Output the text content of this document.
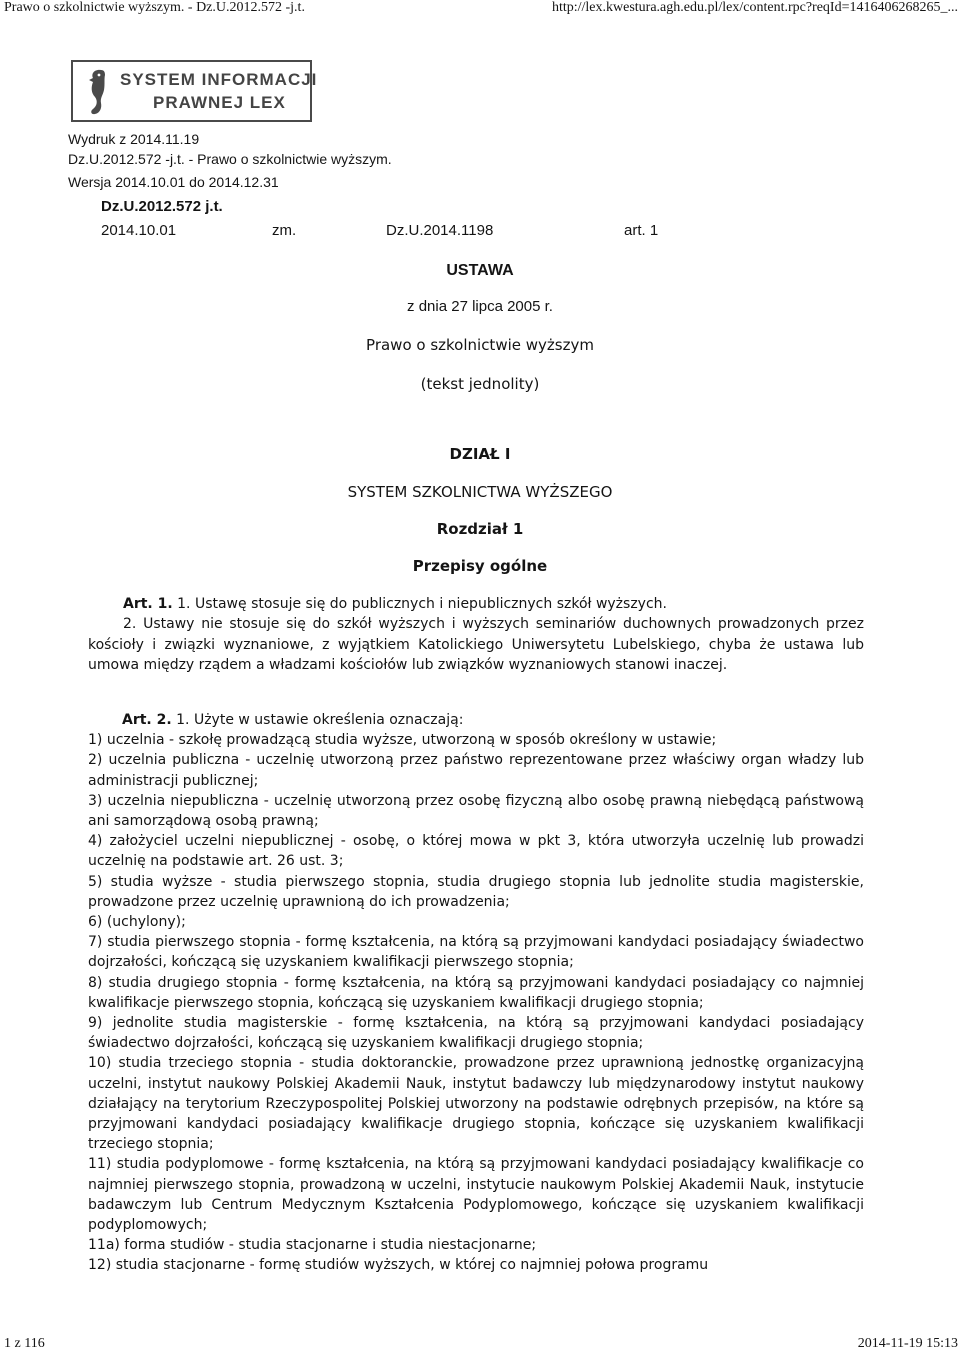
Prawo o szkolnictwie wyższym. - Dz.U.2012.572 -j.t.	http://lex.kwestura.agh.edu.pl/lex/content.rpc?reqId=1416406268265_...
SYSTEM INFORMACJI
PRAWNEJ LEX
Wydruk z 2014.11.19
Dz.U.2012.572 -j.t. - Prawo o szkolnictwie wyższym.
Wersja 2014.10.01 do 2014.12.31
Dz.U.2012.572 j.t.
2014.10.01	zm.	Dz.U.2014.1198	art. 1
USTAWA
z dnia 27 lipca 2005 r.
Prawo o szkolnictwie wyższym
(tekst jednolity)
DZIAŁ I
SYSTEM SZKOLNICTWA WYŻSZEGO
Rozdział 1
Przepisy ogólne

Art. 1. 1. Ustawę stosuje się do publicznych i niepublicznych szkół wyższych.

2. Ustawy nie stosuje się do szkół wyższych i wyższych seminariów duchownych prowadzonych przez kościoły i związki wyznaniowe, z wyjątkiem Katolickiego Uniwersytetu Lubelskiego, chyba że ustawa lub umowa między rządem a władzami kościołów lub związków wyznaniowych stanowi inaczej.

Art. 2. 1. Użyte w ustawie określenia oznaczają:

1) uczelnia - szkołę prowadzącą studia wyższe, utworzoną w sposób określony w ustawie;

2) uczelnia publiczna - uczelnię utworzoną przez państwo reprezentowane przez właściwy organ władzy lub administracji publicznej;

3) uczelnia niepubliczna - uczelnię utworzoną przez osobę fizyczną albo osobę prawną niebędącą państwową ani samorządową osobą prawną;

4) założyciel uczelni niepublicznej - osobę, o której mowa w pkt 3, która utworzyła uczelnię lub prowadzi uczelnię na podstawie art. 26 ust. 3;

5) studia wyższe - studia pierwszego stopnia, studia drugiego stopnia lub jednolite studia magisterskie, prowadzone przez uczelnię uprawnioną do ich prowadzenia;

6) (uchylony);

7) studia pierwszego stopnia - formę kształcenia, na którą są przyjmowani kandydaci posiadający świadectwo dojrzałości, kończącą się uzyskaniem kwalifikacji pierwszego stopnia;

8) studia drugiego stopnia - formę kształcenia, na którą są przyjmowani kandydaci posiadający co najmniej kwalifikacje pierwszego stopnia, kończącą się uzyskaniem kwalifikacji drugiego stopnia;

9) jednolite studia magisterskie - formę kształcenia, na którą są przyjmowani kandydaci posiadający świadectwo dojrzałości, kończącą się uzyskaniem kwalifikacji drugiego stopnia;

10) studia trzeciego stopnia - studia doktoranckie, prowadzone przez uprawnioną jednostkę organizacyjną uczelni, instytut naukowy Polskiej Akademii Nauk, instytut badawczy lub międzynarodowy instytut naukowy działający na terytorium Rzeczypospolitej Polskiej utworzony na podstawie odrębnych przepisów, na które są przyjmowani kandydaci posiadający kwalifikacje drugiego stopnia, kończące się uzyskaniem kwalifikacji trzeciego stopnia;

11) studia podyplomowe - formę kształcenia, na którą są przyjmowani kandydaci posiadający kwalifikacje co najmniej pierwszego stopnia, prowadzoną w uczelni, instytucie naukowym Polskiej Akademii Nauk, instytucie badawczym lub Centrum Medycznym Kształcenia Podyplomowego, kończące się uzyskaniem kwalifikacji podyplomowych;

11a) forma studiów - studia stacjonarne i studia niestacjonarne;

12) studia stacjonarne - formę studiów wyższych, w której co najmniej połowa programu

1 z 116	2014-11-19 15:13
